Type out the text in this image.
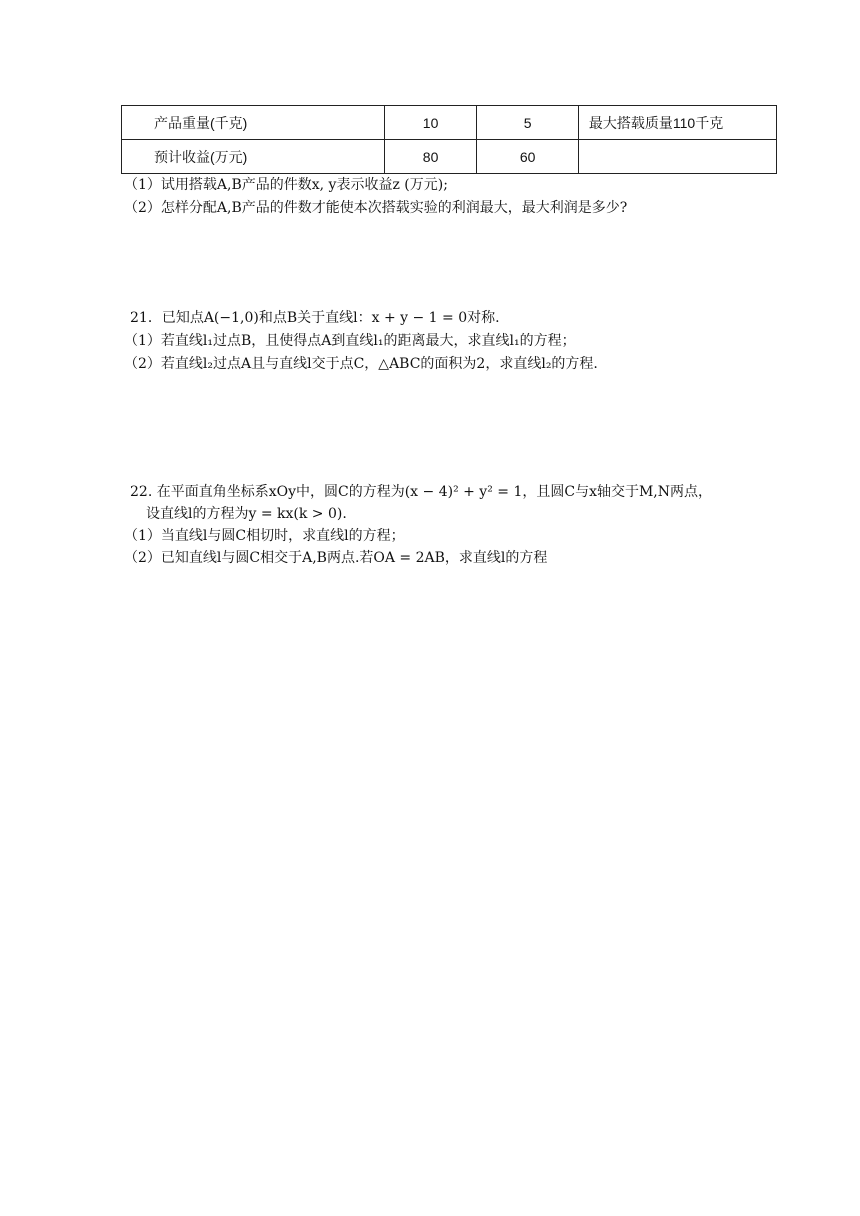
产品重量(千克)	10	5	最大搭载质量110千克
预计收益(万元)	80	60	
（1）试用搭载A,B产品的件数x, y表示收益z (万元);
（2）怎样分配A,B产品的件数才能使本次搭载实验的利润最大，最大利润是多少?
21．已知点A(−1,0)和点B关于直线l：x + y − 1 = 0对称.
（1）若直线l₁过点B，且使得点A到直线l₁的距离最大，求直线l₁的方程；
（2）若直线l₂过点A且与直线l交于点C，△ABC的面积为2，求直线l₂的方程.
22. 在平面直角坐标系xOy中，圆C的方程为(x − 4)² + y² = 1，且圆C与x轴交于M,N两点，
设直线l的方程为y = kx(k > 0).
（1）当直线l与圆C相切时，求直线l的方程；
（2）已知直线l与圆C相交于A,B两点.若OA = 2AB，求直线l的方程
